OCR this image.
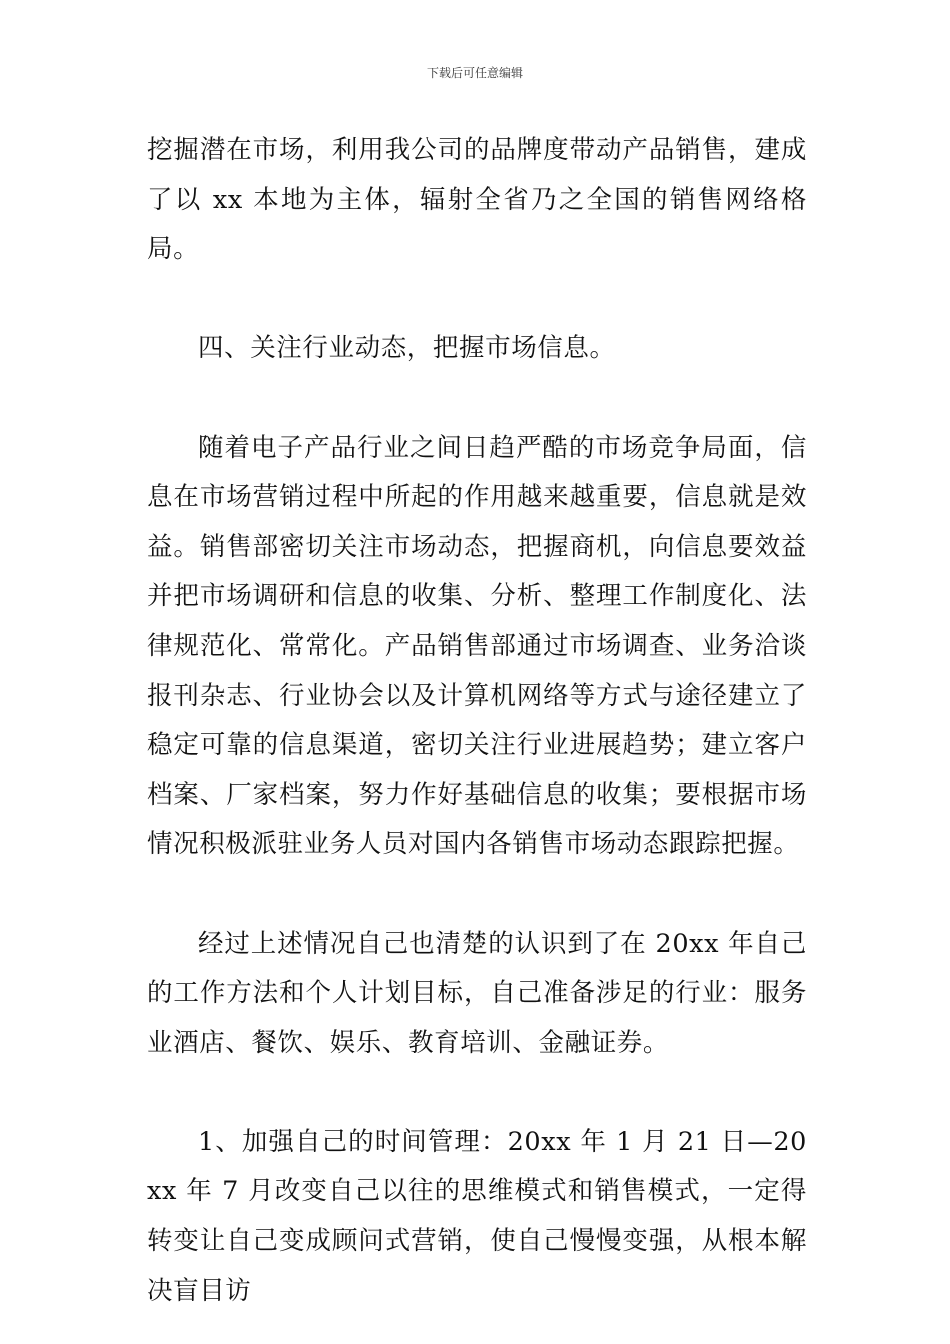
下载后可任意编辑

挖掘潜在市场，利用我公司的品牌度带动产品销售，建成了以 xx 本地为主体，辐射全省乃之全国的销售网络格局。

四、关注行业动态，把握市场信息。

随着电子产品行业之间日趋严酷的市场竞争局面，信息在市场营销过程中所起的作用越来越重要，信息就是效益。销售部密切关注市场动态，把握商机，向信息要效益并把市场调研和信息的收集、分析、整理工作制度化、法律规范化、常常化。产品销售部通过市场调查、业务洽谈报刊杂志、行业协会以及计算机网络等方式与途径建立了稳定可靠的信息渠道，密切关注行业进展趋势；建立客户档案、厂家档案，努力作好基础信息的收集；要根据市场情况积极派驻业务人员对国内各销售市场动态跟踪把握。

经过上述情况自己也清楚的认识到了在 20xx 年自己的工作方法和个人计划目标，自己准备涉足的行业：服务业酒店、餐饮、娱乐、教育培训、金融证券。

1、加强自己的时间管理：20xx 年 1 月 21 日—20xx 年 7 月改变自己以往的思维模式和销售模式，一定得转变让自己变成顾问式营销，使自己慢慢变强，从根本解决盲目访
